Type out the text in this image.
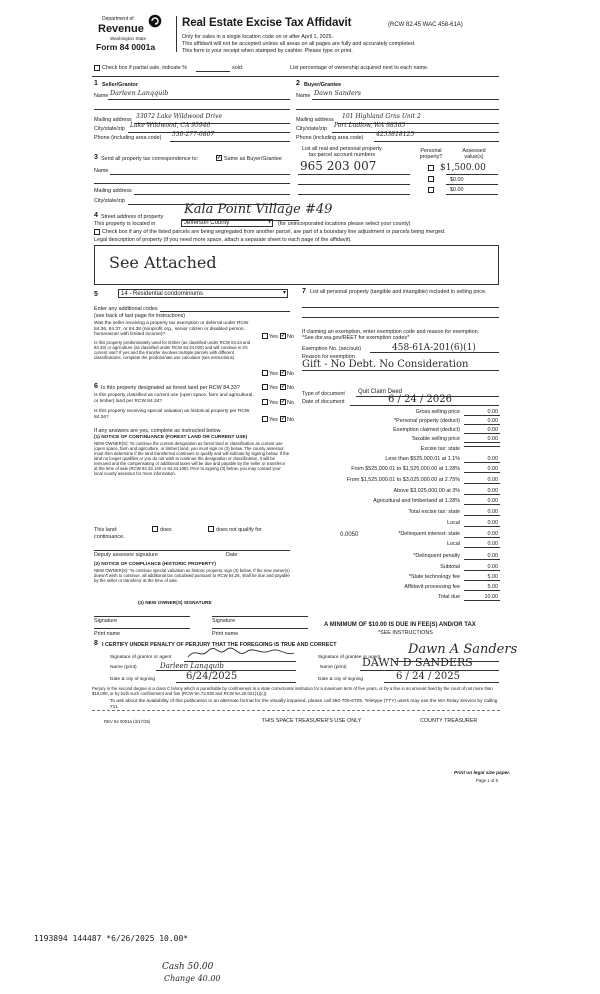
Department of
Revenue
Washington State
Form 84 0001a
Real Estate Excise Tax Affidavit	(RCW 82.45 WAC 458-61A)
Only for sales in a single location code on or after April 1, 2025.
This affidavit will not be accepted unless all areas on all pages are fully and accurately completed.
This form is your receipt when stamped by cashier. Please type or print.
Check box if partial sale, indicate %	sold.	List percentage of ownership acquired next to each name.
1 Seller/Grantor
Name Darleen Lanqquib
Mailing address 33072 Lake Wildwood Drive
City/state/zip Lake Wildwood, CA 95946
Phone (including area code) 530-277-6867
2 Buyer/Grantee
Name Dawn Sanders
Mailing address 101 Highland Grns Unit 2
City/state/zip Port Ludlow, WA 98365
Phone (including area code) 4253818125
3 Send all property tax correspondence to:	✔ Same as Buyer/Grantee
Name
Mailing address
City/state/zip
List all real and personal property tax parcel account numbers
Personal property?
Assessed value(s)
965 203 007	$1,500.00
$0.00
$0.00
4 Street address of property Kala Point Village #49
This property is located in	Jefferson County	▾ (for unincorporated locations please select your county)
Check box if any of the listed parcels are being segregated from another parcel, are part of a boundary line adjustment or parcels being merged.
Legal description of property (if you need more space, attach a separate sheet to each page of the affidavit).
See Attached
5	14 - Residential condominiums	▾
Enter any additional codes
(see back of last page for instructions)
Was the seller receiving a property tax exemption or deferral under RCW 84.36, 84.37, or 84.38 (nonprofit org., senior citizen or disabled person, homeowner with limited income)?	Yes ✔ No
Is this property predominately used for timber (as classified under RCW 84.34 and 84.33) or agriculture (as classified under RCW 84.34.020) and will continue in it's current use? If yes and the transfer involves multiple parcels with different classifications, complete the predominate use calculator (see instructions)
Yes ✔ No
6 Is this property designated as forest land per RCW 84.33?	Yes ✔ No
Is this property classified as current use (open space, farm and agricultural, or timber) land per RCW 84.34?	Yes ✔ No
Is this property receiving special valuation as historical property per RCW 84.26?	Yes ✔ No
If any answers are yes, complete as instructed below.
(1) NOTICE OF CONTINUANCE (FOREST LAND OR CURRENT USE)
NEW OWNER(S): To continue the current designation as forest land or classification as current use (open space, farm and agriculture, or timber) land, you must sign on (3) below. The county assessor must then determine if the land transferred continues to qualify and will indicate by signing below. If the land no longer qualifies or you do not wish to continue the designation or classification, it will be removed and the compensating or additional taxes will be due and payable by the seller or transferor at the time of sale (RCW 84.33.140 or 84.34.108). Prior to signing (3) below, you may contact your local county assessor for more information.
This land:	does	does not qualify for
continuance.
Deputy assessor signature	Date
(2) NOTICE OF COMPLIANCE (HISTORIC PROPERTY)
NEW OWNER(S): To continue special valuation as historic property, sign (3) below. If the new owner(s) doesn't wish to continue, all additional tax calculated pursuant to RCW 84.26, shall be due and payable by the seller or transferor at the time of sale.
(3) NEW OWNER(S) SIGNATURE
Signature	Signature
Print name	Print name
7 List all personal property (tangible and intangible) included in selling price.
If claiming an exemption, enter exemption code and reason for exemption. *See dor.wa.gov/REET for exemption codes*
Exemption No. (sec/sub)	458-61A-201(6)(1)
Reason for exemption
Gift - No Debt. No Consideration
Type of document Quit Claim Deed
Date of document	6 / 24 / 2026
Gross selling price	0.00
*Personal property (deduct)	0.00
Exemption claimed (deduct)	0.00
Taxable selling price	0.00
Excise tax: state
Less than $525,000.01 at 1.1%	0.00
From $525,000.01 to $1,525,000.00 at 1.28%	0.00
From $1,525,000.01 to $3,025,000.00 at 2.75%	0.00
Above $3,025,000.00 at 3%	0.00
Agricultural and timberland at 1.28%	0.00
Total excise tax: state	0.00
Local	0.00
*Delinquent interest: state	0.00
Local	0.00
*Delinquent penalty	0.00
Subtotal	0.00
*State technology fee	5.00
Affidavit processing fee	5.00
Total due	10.00
0.0050
A MINIMUM OF $10.00 IS DUE IN FEE(S) AND/OR TAX
*SEE INSTRUCTIONS
8 I CERTIFY UNDER PENALTY OF PERJURY THAT THE FOREGOING IS TRUE AND CORRECT
Signature of grantor or agent
Name (print)	Darleen Lanqquib
Date & city of signing	6/24/2025
Signature of grantee or agent
Dawn A Sanders
Name (print) DAWN D SANDERS
Date & city of signing	6 / 24 / 2025
Perjury in the second degree is a class C felony which is punishable by confinement in a state correctional institution for a maximum term of five years, or by a fine in an amount fixed by the court of not more than $10,000, or by both such confinement and fine (RCW 9A.72.030 and RCW 9A.20.021(1)(c)).
To ask about the availability of this publication in an alternate format for the visually impaired, please call 360-705-6705. Teletype (TTY) users may use the WA Relay Service by calling 711.
REV 84 0001a (3/17/25)	THIS SPACE TREASURER'S USE ONLY	COUNTY TREASURER
Print on legal size paper.
Page 1 of 6
1193894 144487 *6/26/2025 10.00*
Cash 50.00
Change 40.00
